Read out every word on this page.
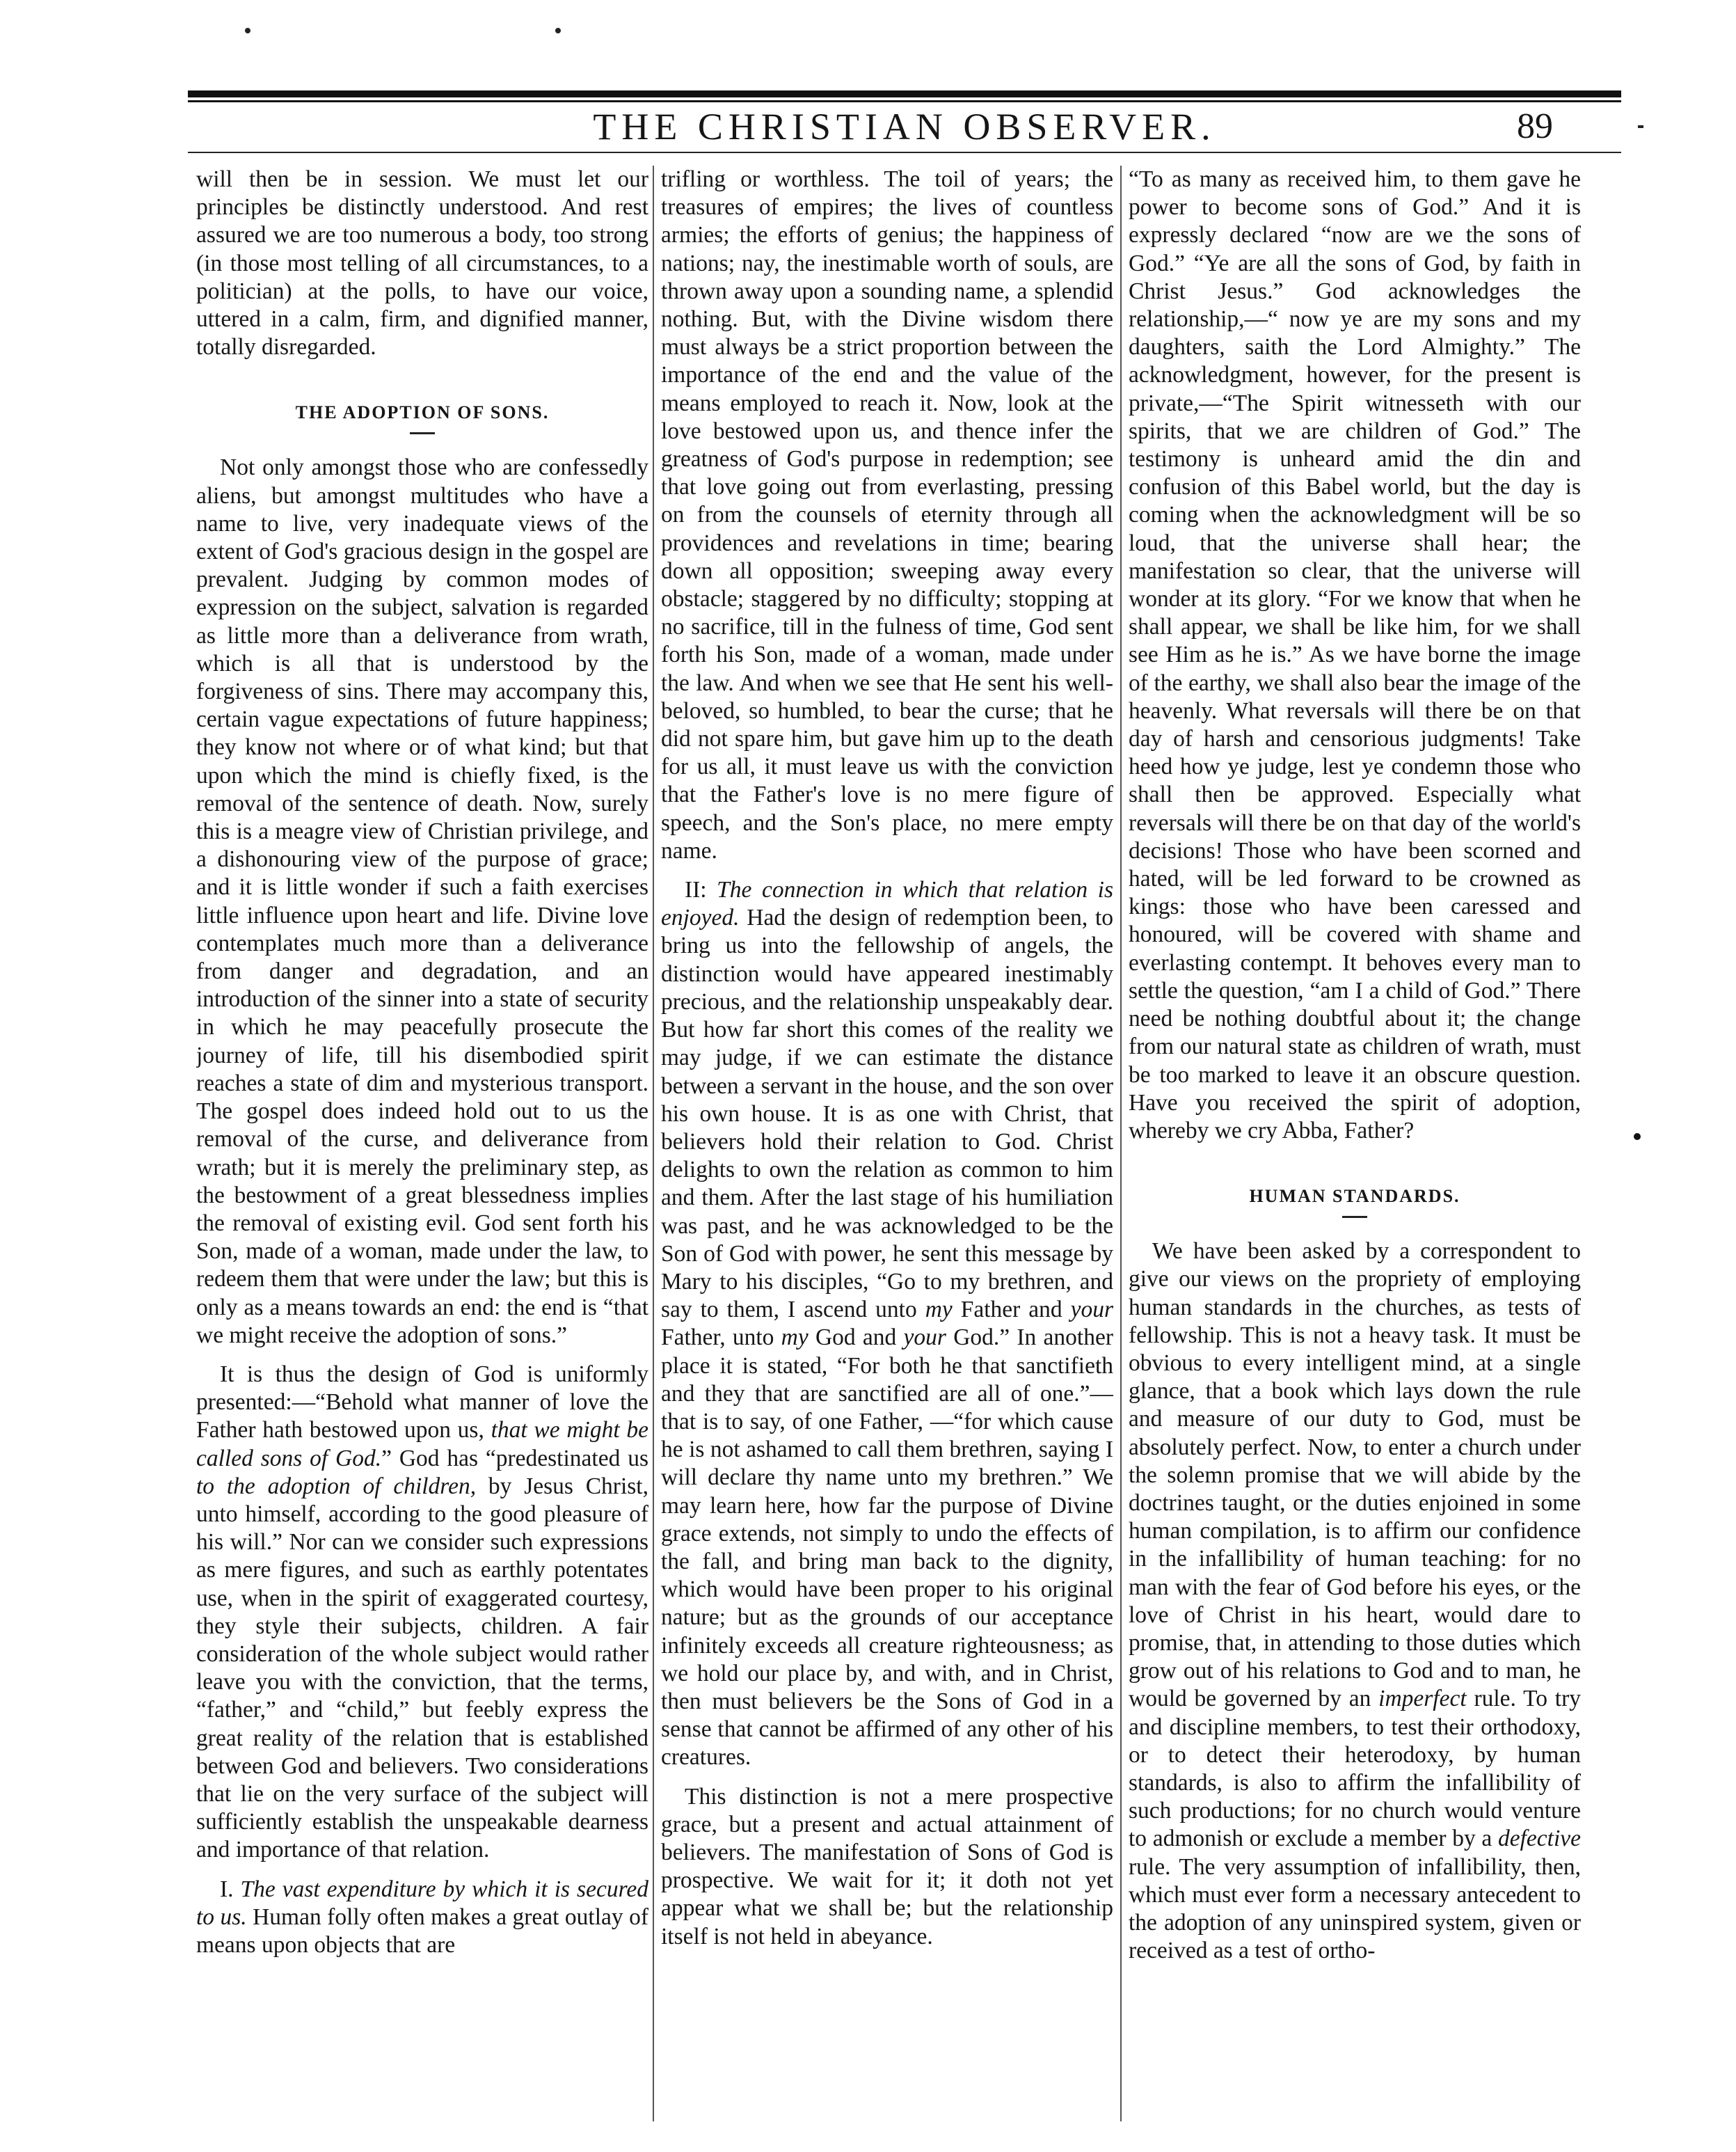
THE CHRISTIAN OBSERVER.	89

will then be in session. We must let our principles be distinctly understood. And rest assured we are too numerous a body, too strong (in those most telling of all circumstances, to a politician) at the polls, to have our voice, uttered in a calm, firm, and dignified manner, totally disregarded.

THE ADOPTION OF SONS.

Not only amongst those who are confessedly aliens, but amongst multitudes who have a name to live, very inadequate views of the extent of God's gracious design in the gospel are prevalent. Judging by common modes of expression on the subject, salvation is regarded as little more than a deliverance from wrath, which is all that is understood by the forgiveness of sins. There may accompany this, certain vague expectations of future happiness; they know not where or of what kind; but that upon which the mind is chiefly fixed, is the removal of the sentence of death. Now, surely this is a meagre view of Christian privilege, and a dishonouring view of the purpose of grace; and it is little wonder if such a faith exercises little influence upon heart and life. Divine love contemplates much more than a deliverance from danger and degradation, and an introduction of the sinner into a state of security in which he may peacefully prosecute the journey of life, till his disembodied spirit reaches a state of dim and mysterious transport. The gospel does indeed hold out to us the removal of the curse, and deliverance from wrath; but it is merely the preliminary step, as the bestowment of a great blessedness implies the removal of existing evil. God sent forth his Son, made of a woman, made under the law, to redeem them that were under the law; but this is only as a means towards an end: the end is “that we might receive the adoption of sons.”

It is thus the design of God is uniformly presented:—“Behold what manner of love the Father hath bestowed upon us, that we might be called sons of God.” God has “predestinated us to the adoption of children, by Jesus Christ, unto himself, according to the good pleasure of his will.” Nor can we consider such expressions as mere figures, and such as earthly potentates use, when in the spirit of exaggerated courtesy, they style their subjects, children. A fair consideration of the whole subject would rather leave you with the conviction, that the terms, “father,” and “child,” but feebly express the great reality of the relation that is established between God and believers. Two considerations that lie on the very surface of the subject will sufficiently establish the unspeakable dearness and importance of that relation.

I. The vast expenditure by which it is secured to us. Human folly often makes a great outlay of means upon objects that are

trifling or worthless. The toil of years; the treasures of empires; the lives of countless armies; the efforts of genius; the happiness of nations; nay, the inestimable worth of souls, are thrown away upon a sounding name, a splendid nothing. But, with the Divine wisdom there must always be a strict proportion between the importance of the end and the value of the means employed to reach it. Now, look at the love bestowed upon us, and thence infer the greatness of God's purpose in redemption; see that love going out from everlasting, pressing on from the counsels of eternity through all providences and revelations in time; bearing down all opposition; sweeping away every obstacle; staggered by no difficulty; stopping at no sacrifice, till in the fulness of time, God sent forth his Son, made of a woman, made under the law. And when we see that He sent his well-beloved, so humbled, to bear the curse; that he did not spare him, but gave him up to the death for us all, it must leave us with the conviction that the Father's love is no mere figure of speech, and the Son's place, no mere empty name.

II: The connection in which that relation is enjoyed. Had the design of redemption been, to bring us into the fellowship of angels, the distinction would have appeared inestimably precious, and the relationship unspeakably dear. But how far short this comes of the reality we may judge, if we can estimate the distance between a servant in the house, and the son over his own house. It is as one with Christ, that believers hold their relation to God. Christ delights to own the relation as common to him and them. After the last stage of his humiliation was past, and he was acknowledged to be the Son of God with power, he sent this message by Mary to his disciples, “Go to my brethren, and say to them, I ascend unto my Father and your Father, unto my God and your God.” In another place it is stated, “For both he that sanctifieth and they that are sanctified are all of one.”—that is to say, of one Father, —“for which cause he is not ashamed to call them brethren, saying I will declare thy name unto my brethren.” We may learn here, how far the purpose of Divine grace extends, not simply to undo the effects of the fall, and bring man back to the dignity, which would have been proper to his original nature; but as the grounds of our acceptance infinitely exceeds all creature righteousness; as we hold our place by, and with, and in Christ, then must believers be the Sons of God in a sense that cannot be affirmed of any other of his creatures.

This distinction is not a mere prospective grace, but a present and actual attainment of believers. The manifestation of Sons of God is prospective. We wait for it; it doth not yet appear what we shall be; but the relationship itself is not held in abeyance.

“To as many as received him, to them gave he power to become sons of God.” And it is expressly declared “now are we the sons of God.” “Ye are all the sons of God, by faith in Christ Jesus.” God acknowledges the relationship,—“ now ye are my sons and my daughters, saith the Lord Almighty.” The acknowledgment, however, for the present is private,—“The Spirit witnesseth with our spirits, that we are children of God.” The testimony is unheard amid the din and confusion of this Babel world, but the day is coming when the acknowledgment will be so loud, that the universe shall hear; the manifestation so clear, that the universe will wonder at its glory. “For we know that when he shall appear, we shall be like him, for we shall see Him as he is.” As we have borne the image of the earthy, we shall also bear the image of the heavenly. What reversals will there be on that day of harsh and censorious judgments! Take heed how ye judge, lest ye condemn those who shall then be approved. Especially what reversals will there be on that day of the world's decisions! Those who have been scorned and hated, will be led forward to be crowned as kings: those who have been caressed and honoured, will be covered with shame and everlasting contempt. It behoves every man to settle the question, “am I a child of God.” There need be nothing doubtful about it; the change from our natural state as children of wrath, must be too marked to leave it an obscure question. Have you received the spirit of adoption, whereby we cry Abba, Father?

HUMAN STANDARDS.

We have been asked by a correspondent to give our views on the propriety of employing human standards in the churches, as tests of fellowship. This is not a heavy task. It must be obvious to every intelligent mind, at a single glance, that a book which lays down the rule and measure of our duty to God, must be absolutely perfect. Now, to enter a church under the solemn promise that we will abide by the doctrines taught, or the duties enjoined in some human compilation, is to affirm our confidence in the infallibility of human teaching: for no man with the fear of God before his eyes, or the love of Christ in his heart, would dare to promise, that, in attending to those duties which grow out of his relations to God and to man, he would be governed by an imperfect rule. To try and discipline members, to test their orthodoxy, or to detect their heterodoxy, by human standards, is also to affirm the infallibility of such productions; for no church would venture to admonish or exclude a member by a defective rule. The very assumption of infallibility, then, which must ever form a necessary antecedent to the adoption of any uninspired system, given or received as a test of ortho-
